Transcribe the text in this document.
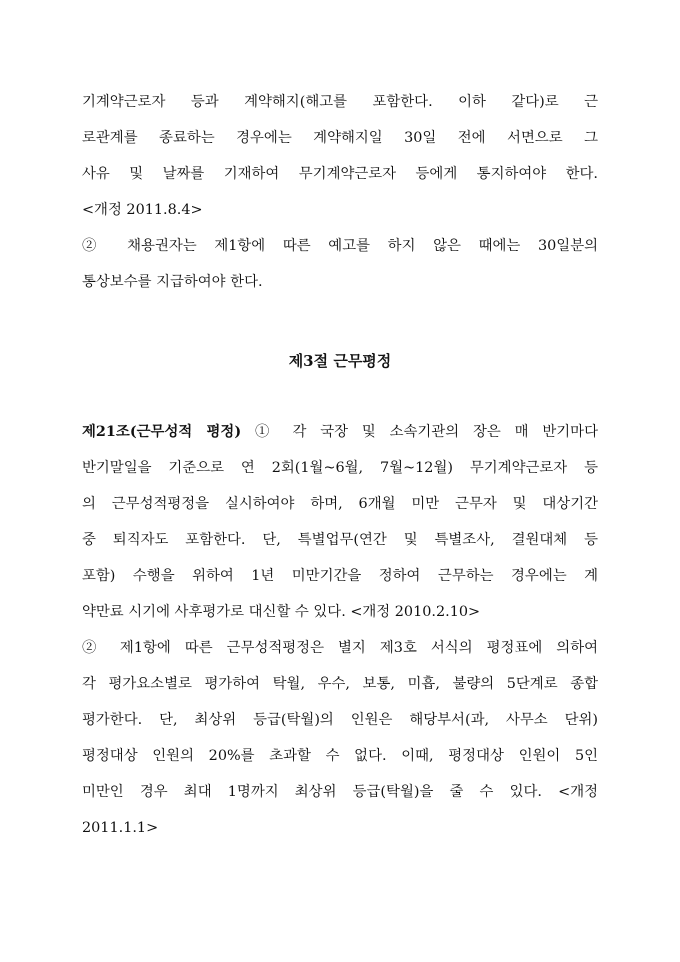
기계약근로자 등과 계약해지(해고를 포함한다. 이하 같다)로 근
로관계를 종료하는 경우에는 계약해지일 30일 전에 서면으로 그
사유 및 날짜를 기재하여 무기계약근로자 등에게 통지하여야 한다.
<개정 2011.8.4>
② 채용권자는 제1항에 따른 예고를 하지 않은 때에는 30일분의
통상보수를 지급하여야 한다.
제3절 근무평정
제21조(근무성적 평정) ① 각 국장 및 소속기관의 장은 매 반기마다
반기말일을 기준으로 연 2회(1월~6월, 7월~12월) 무기계약근로자 등
의 근무성적평정을 실시하여야 하며, 6개월 미만 근무자 및 대상기간
중 퇴직자도 포함한다. 단, 특별업무(연간 및 특별조사, 결원대체 등
포함) 수행을 위하여 1년 미만기간을 정하여 근무하는 경우에는 계
약만료 시기에 사후평가로 대신할 수 있다. <개정 2010.2.10>
② 제1항에 따른 근무성적평정은 별지 제3호 서식의 평정표에 의하여
각 평가요소별로 평가하여 탁월, 우수, 보통, 미흡, 불량의 5단계로 종합
평가한다. 단, 최상위 등급(탁월)의 인원은 해당부서(과, 사무소 단위)
평정대상 인원의 20%를 초과할 수 없다. 이때, 평정대상 인원이 5인
미만인 경우 최대 1명까지 최상위 등급(탁월)을 줄 수 있다. <개정
2011.1.1>
